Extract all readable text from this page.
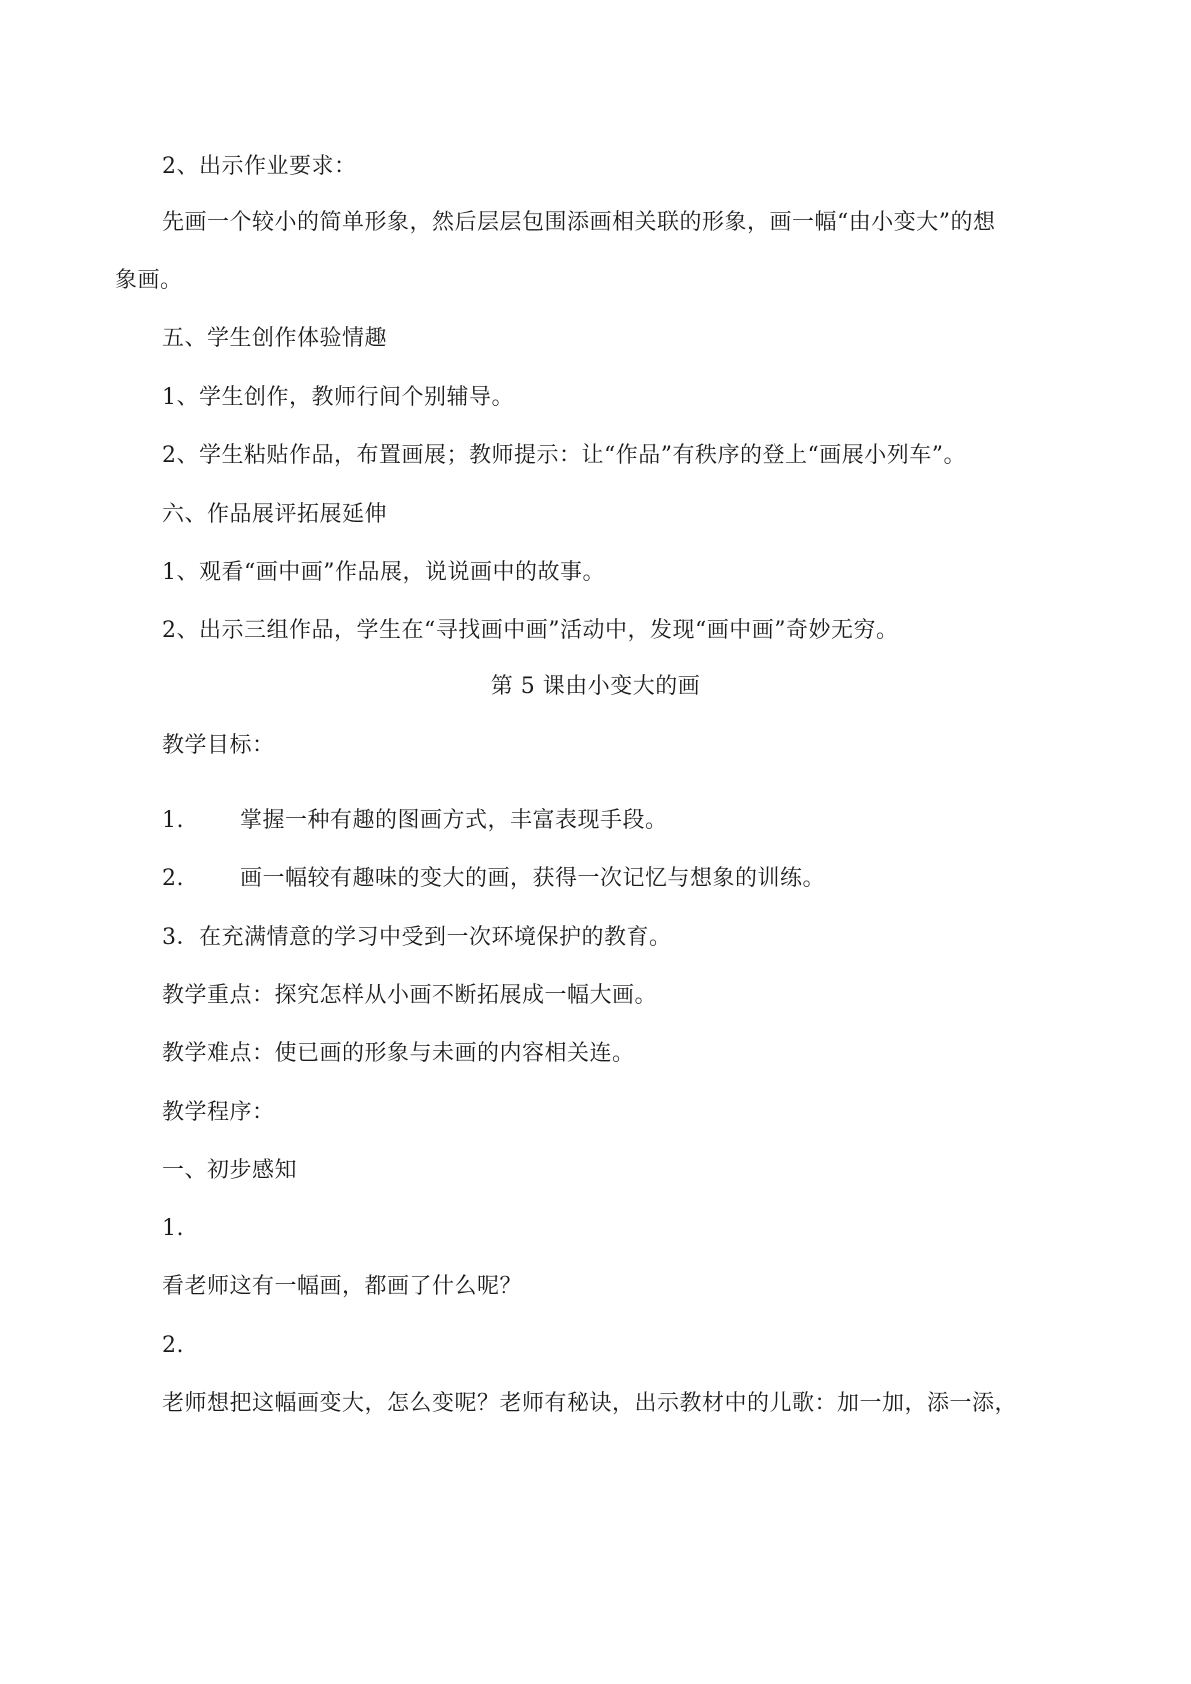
2、出示作业要求：
先画一个较小的简单形象，然后层层包围添画相关联的形象，画一幅“由小变大”的想
象画。
五、学生创作体验情趣
1、学生创作，教师行间个别辅导。
2、学生粘贴作品，布置画展；教师提示：让“作品”有秩序的登上“画展小列车”。
六、作品展评拓展延伸
1、观看“画中画”作品展，说说画中的故事。
2、出示三组作品，学生在“寻找画中画”活动中，发现“画中画”奇妙无穷。
第 5 课由小变大的画
教学目标：
1.	掌握一种有趣的图画方式，丰富表现手段。
2.	画一幅较有趣味的变大的画，获得一次记忆与想象的训练。
3．在充满情意的学习中受到一次环境保护的教育。
教学重点：探究怎样从小画不断拓展成一幅大画。
教学难点：使已画的形象与未画的内容相关连。
教学程序：
一、初步感知
1.
看老师这有一幅画，都画了什么呢？
2.
老师想把这幅画变大，怎么变呢？老师有秘诀，出示教材中的儿歌：加一加，添一添，
